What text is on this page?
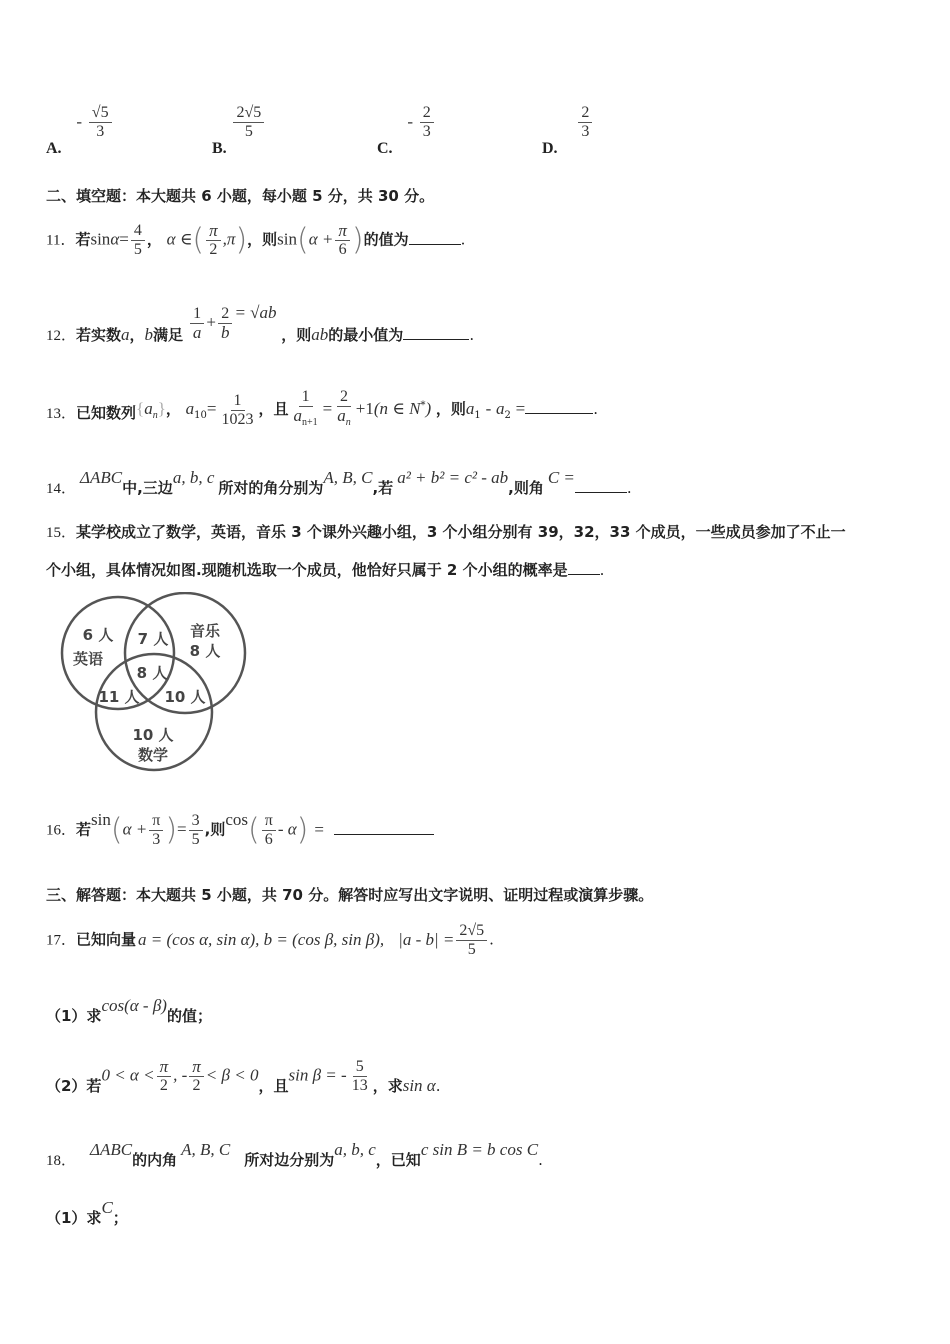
A. - $\frac{√5}{3}$
B.
$\frac{2√5}{5}$
C. - $\frac{2}{3}$
D.
$\frac{2}{3}$
二、填空题：本大题共 6 小题，每小题 5 分，共 30 分。
11．若$\sin\alpha= \frac{4}{5}$ ， α ∈( $\frac{\pi}{2} ,\pi$)，则$\sin(\alpha + \frac{\pi}{6}$ )的值为	.
12．若实数a，b满足 $\frac{1}{a} + \frac{2}{b} = √ab$ ，则ab的最小值为	.
13．已知数列$\{a_n\}$， $a_{10}= \frac{1}{1023}$ ，且 $\frac{1}{a_{n+1}} = \frac{2}{a_n} +1(n$ ∈ N*) ，则$a_1 - a_2$ =	.
14．ΔABC中,三边a, b, c所对的角分别为A, B, C,若a² + b² = c² - ab,则角C =.
15．某学校成立了数学，英语，音乐 3 个课外兴趣小组，3 个小组分别有 39，32，33 个成员，一些成员参加了不止一
个小组，具体情况如图.现随机选取一个成员，他恰好只属于 2 个小组的概率是 .
6 人
英语
7 人 音乐
8 人
8 人
11 人 10 人
10 人
数学
16．若$\sin(\alpha + \frac{\pi}{3}$ )= $\frac{3}{5}$ ,则$\cos( \frac{\pi}{6} - \alpha)$ =
三、解答题：本大题共 5 小题，共 70 分。解答时应写出文字说明、证明过程或演算步骤。
17．已知向量 a = (cos α, sin α), b = (cos β, sin β), $|a - b| = \frac{2√5}{5}$ .
（1）求cos(α - β)的值；
（2）若$0 < \alpha < \frac{\pi}{2}$ , - $\frac{\pi}{2} < \beta < 0$，且sin β = - $\frac{5}{13}$ ，求sin α.
18．ΔABC的内角A, B, C所对边分别为a, b, c，已知c sin B = b cos C.
（1）求C；
